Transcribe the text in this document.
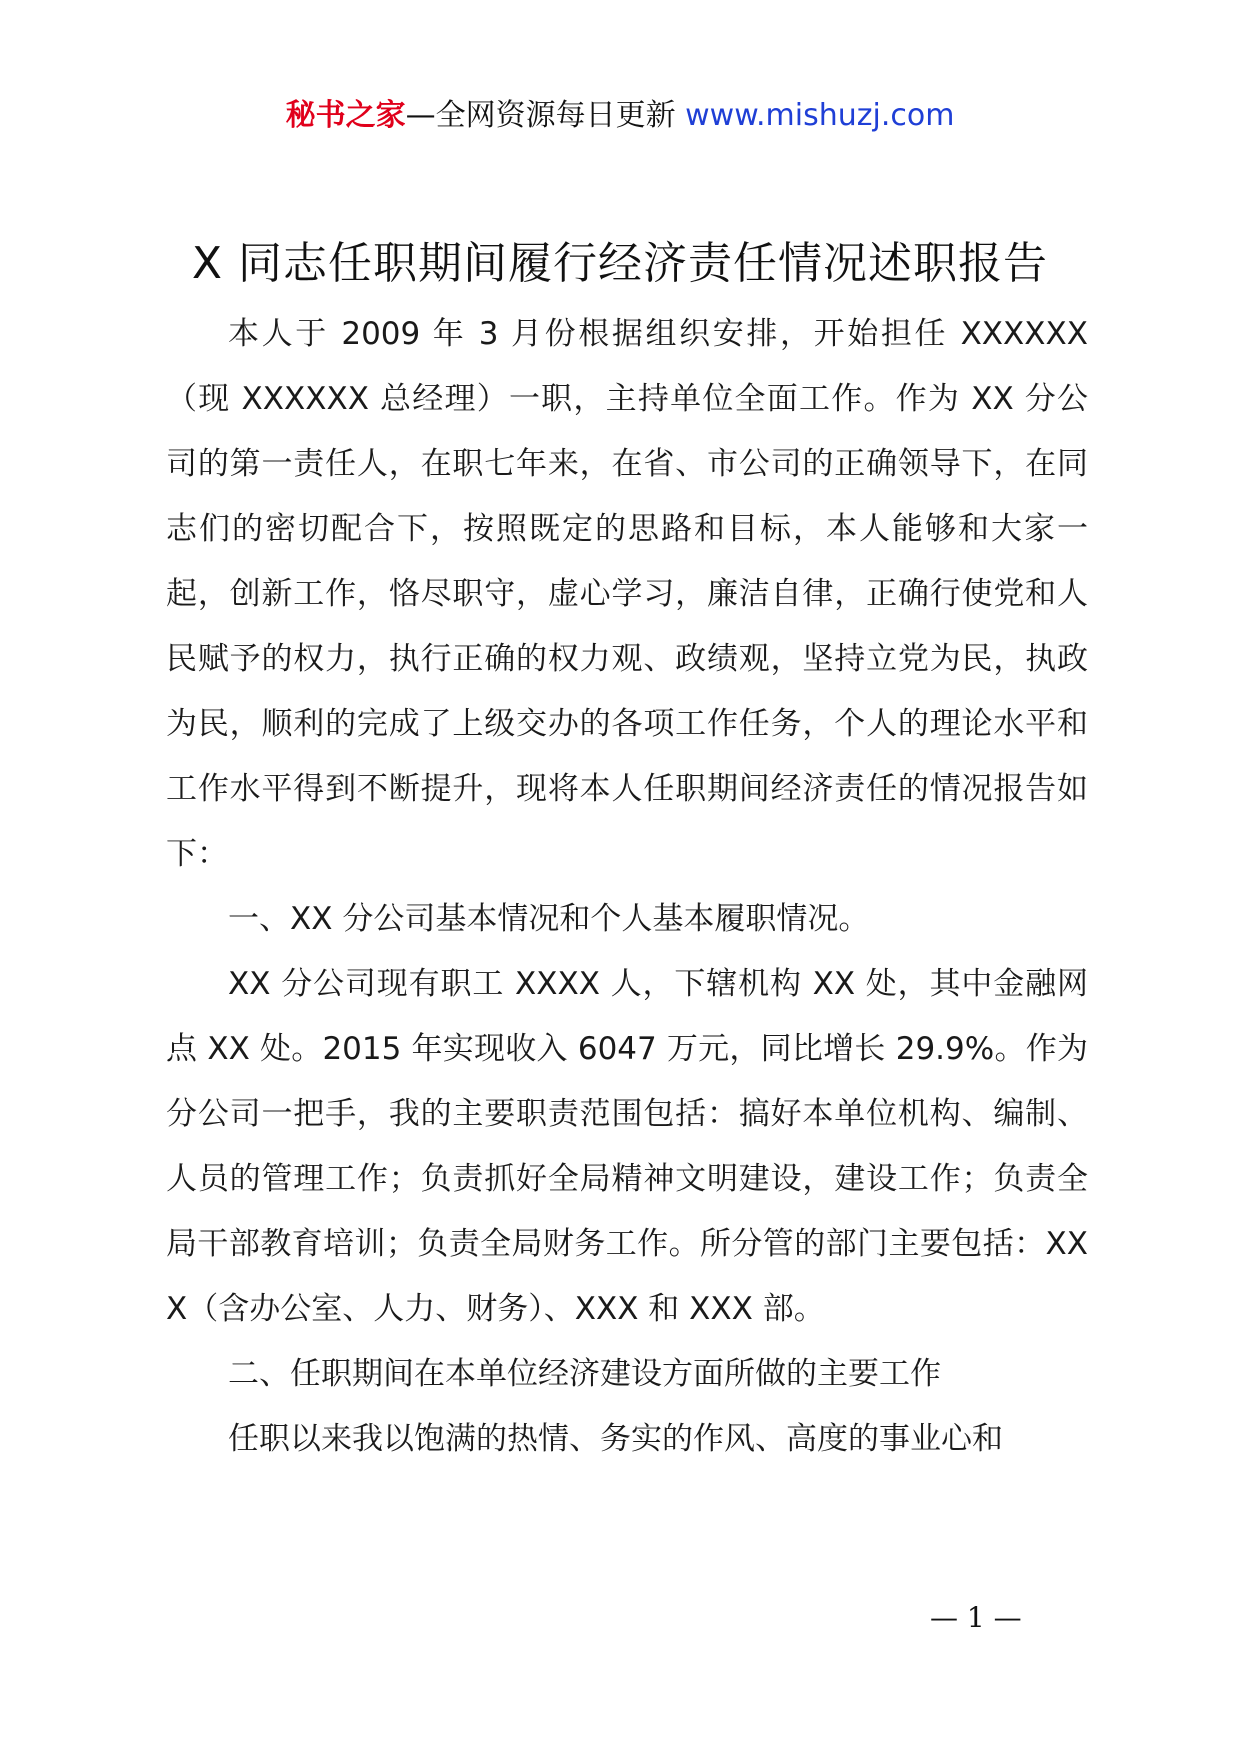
秘书之家—全网资源每日更新 www.mishuzj.com
X 同志任职期间履行经济责任情况述职报告

本人于 2009 年 3 月份根据组织安排，开始担任 XXXXXX（现 XXXXXX 总经理）一职，主持单位全面工作。作为 XX 分公司的第一责任人，在职七年来，在省、市公司的正确领导下，在同志们的密切配合下，按照既定的思路和目标，本人能够和大家一起，创新工作，恪尽职守，虚心学习，廉洁自律，正确行使党和人民赋予的权力，执行正确的权力观、政绩观，坚持立党为民，执政为民，顺利的完成了上级交办的各项工作任务，个人的理论水平和工作水平得到不断提升，现将本人任职期间经济责任的情况报告如下：

一、XX 分公司基本情况和个人基本履职情况。

XX 分公司现有职工 XXXX 人，下辖机构 XX 处，其中金融网点 XX 处。2015 年实现收入 6047 万元，同比增长 29.9%。作为分公司一把手，我的主要职责范围包括：搞好本单位机构、编制、人员的管理工作；负责抓好全局精神文明建设，建设工作；负责全局干部教育培训；负责全局财务工作。所分管的部门主要包括：XXX（含办公室、人力、财务）、XXX 和 XXX 部。

二、任职期间在本单位经济建设方面所做的主要工作

任职以来我以饱满的热情、务实的作风、高度的事业心和

— 1 —
